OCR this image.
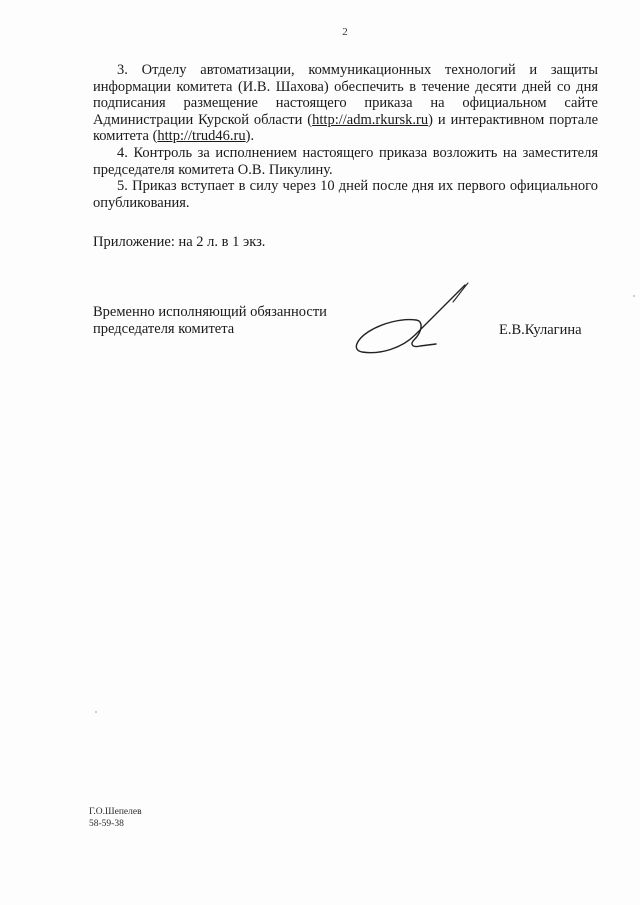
2

3. Отделу автоматизации, коммуникационных технологий и защиты информации комитета (И.В. Шахова) обеспечить в течение десяти дней со дня подписания размещение настоящего приказа на официальном сайте Администрации Курской области (http://adm.rkursk.ru) и интерактивном портале комитета (http://trud46.ru).

4. Контроль за исполнением настоящего приказа возложить на заместителя председателя комитета О.В. Пикулину.

5. Приказ вступает в силу через 10 дней после дня их первого официального опубликования.

Приложение: на 2 л. в 1 экз.
Временно исполняющий обязанности
председателя комитета	Е.В.Кулагина
Г.О.Шепелев
58-59-38
